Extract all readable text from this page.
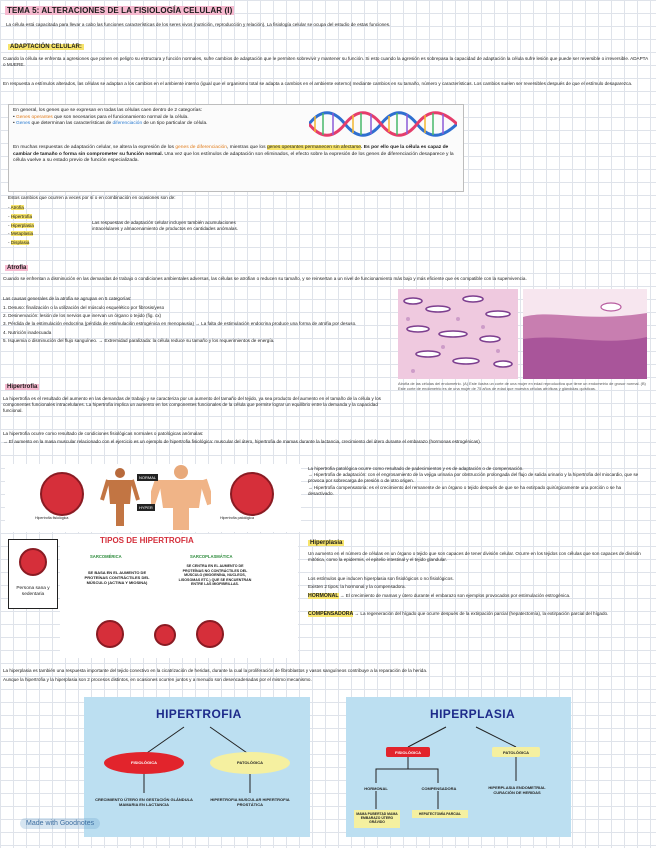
TEMA 5: ALTERACIONES DE LA FISIOLOGÍA CELULAR (I)
La célula está capacitada para llevar a cabo las funciones características de los seres vivos (nutrición, reproducción y relación). La fisiología celular se ocupa del estudio de estas funciones.
ADAPTACIÓN CELULAR:
Cuando la célula se enfrenta a agresiones que ponen en peligro su estructura y función normales, sufre cambios de adaptación que le permiten sobrevivir y mantener su función. Si esto cuando la agresión es sobrepasa la capacidad de adaptación la célula sufre lesión que puede ser reversible o irreversible. ADAPTA o MUERE.
En respuesta a estímulos alterados, las células se adaptan a los cambios en el ambiente interno (igual que el organismo total se adapta a cambios en el ambiente externo) mediante cambios en su tamaño, número y características. Los cambios suelen ser reversibles después de que el estímulo desaparezca.
En general, los genes que se expresan en todas las células caen dentro de 2 categorías:
• Genes operantes que son necesarios para el funcionamiento normal de la célula.
• Genes que determinan las características de diferenciación de un tipo particular de célula.
En muchas respuestas de adaptación celular, se altera la expresión de los genes de diferenciación, mientras que los genes operantes permanecen sin afectarse. Es por ello que la célula es capaz de cambiar de tamaño o forma sin comprometer su función normal. Una vez que los estímulos de adaptación son eliminados, el efecto sobre la expresión de los genes de diferenciación desaparece y la célula vuelve a su estado previo de función especializada.
Estos cambios que ocurren a veces por sí o en combinación en ocasiones son de:
- Atrofia
- Hipertrofia
- Hiperplasia
- Metaplasia
- Displasia
Las respuestas de adaptación celular incluyen también acumulaciones
intracelulares y almacenamiento de productos en cantidades anómalas.
Atrofia
Cuando se enfrentan a disminución en las demandas de trabajo o condiciones ambientales adversas, las células se atrofian o reducen su tamaño, y se reinsertan a un nivel de funcionamiento más bajo y más eficiente que es compatible con la supervivencia.
Las causas generales de la atrofia se agrupan en 5 categorías:
1. Desuso: finalización o la utilización del músculo esquelético por fibrosis/yeso
2. Desinervación: lesión de los nervios que inervan un órgano o tejido (fig. cx)
3. Pérdida de la estimulación endocrina (pérdida de estimulación estrogénica en menopausia) → La falta de estimulación endocrina produce una forma de atrofia por desuso.
4. Nutrición inadecuada
5. Isquemia o disminución del flujo sanguíneo. → Extremidad paralizada: la célula reduce su tamaño y los requerimientos de energía.
Atrofia de las células del endometrio. (A) Este ilustra un corte de una mujer en edad reproductiva que tiene un endometrio de grosor normal. (B) Este corte de endometrio es de una mujer de 75 años de edad que muestra células atróficas y glándulas quísticas.
Hipertrofia
La hipertrofia es el resultado del aumento en las demandas de trabajo y se caracteriza por un aumento del tamaño del tejido, ya sea producto del aumento en el tamaño de la célula y los componentes funcionales intracelulares. La hipertrofia implica un aumento en los componentes funcionales de la célula que permite lograr un equilibrio entre la demanda y la capacidad funcional.
La hipertrofia ocurre como resultado de condiciones fisiológicas normales o patológicas anómalas:
→ El aumento en la masa muscular relacionado con el ejercicio es un ejemplo de hipertrofia fisiológica: muscular del útero, hipertrofia de mamas durante la lactancia, crecimiento del útero durante el embarazo (hormonas estrogénicas).
NORMAL
HYPER
Hipertrofia fisiológica	Hipertrofia patológica
Persona sana y sedentaria
TIPOS DE HIPERTROFIA
SARCOMÉRICA	SARCOPLASMÁTICA
SE BASA EN EL AUMENTO DE PROTEÍNAS CONTRÁCTILES DEL MÚSCULO (ACTINA Y MIOSINA)
SE CENTRA EN EL AUMENTO DE PROTEÍNAS NO CONTRÁCTILES DEL MÚSCULO (MIOGENÍNA, NUCLEOS, LISOSOMAS ETC.) QUE SE ENCUENTRAN ENTRE LAS MIOFIBRILLAS.
La hipertrofia patológica ocurre como resultado de padecimientos y es de adaptación o de compensación.
→ Hipertrofia de adaptación: con el engrosamiento de la vejiga urinaria por obstrucción prolongada del flujo de salida urinario y la hipertrofia del miocardio, que se provoca por sobrecarga de presión o de otro origen.
→ Hipertrofia compensatoria: es el crecimiento del remanente de un órgano o tejido después de que se ha extirpado quirúrgicamente una porción o se ha desactivado.
Hiperplasia
Un aumento en el número de células en un órgano o tejido que son capaces de tener división celular. Ocurre en los tejidos con células que son capaces de división mitótica, como la epidermis, el epitelio intestinal y el tejido glandular.
Los estímulos que inducen hiperplasia son fisiológicos o no fisiológicos.
Existen 2 tipos: la hormonal y la compensadora.
HORMONAL → El crecimiento de mamas y útero durante el embarazo son ejemplos provocados por estimulación estrogénica.
COMPENSADORA → La regeneración del hígado que ocurre después de la extirpación parcial (hepatectomía), la extirpación parcial del hígado.
La hiperplasia es también una respuesta importante del tejido conectivo en la cicatrización de heridas, durante la cual la proliferación de fibroblastos y vasos sanguíneos contribuye a la reparación de la herida.
Aunque la hipertrofia y la hiperplasia son 2 procesos distintos, en ocasiones ocurren juntos y a menudo son desencadenadas por el mismo mecanismo.
HIPERTROFIA
FISIOLÓGICA	PATOLÓGICA
CRECIMIENTO ÚTERO EN GESTACIÓN GLÁNDULA MAMARIA EN LACTANCIA
HIPERTROFIA MUSCULAR HIPERTROFIA PROSTÁTICA
HIPERPLASIA
FISIOLÓGICA	PATOLÓGICA
HORMONAL	COMPENSADORA
MAMA PUBERTAD MAMA EMBARAZO ÚTERO GRÁVIDO
HEPATECTOMÍA PARCIAL
HIPERPLASIA ENDOMETRIAL CURACIÓN DE HERIDAS
Made with Goodnotes
